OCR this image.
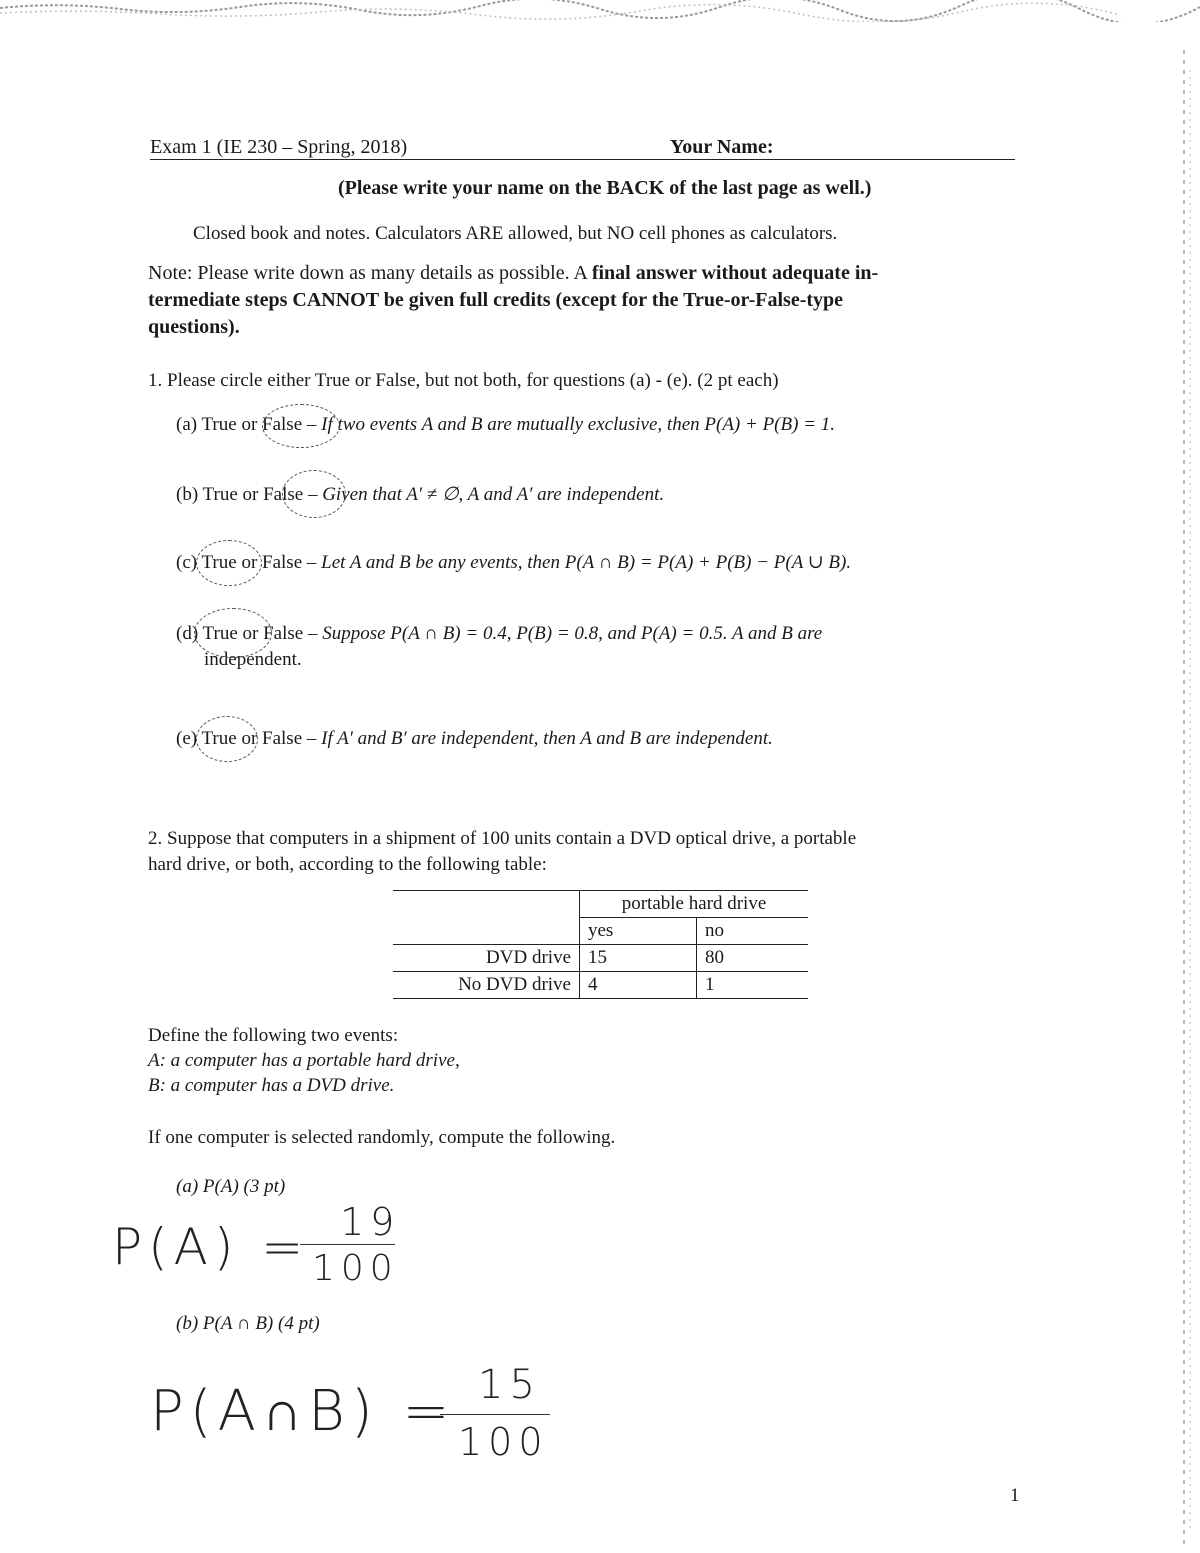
Exam 1 (IE 230 – Spring, 2018)	Your Name:
(Please write your name on the BACK of the last page as well.)
Closed book and notes. Calculators ARE allowed, but NO cell phones as calculators.
Note: Please write down as many details as possible. A final answer without adequate in-
termediate steps CANNOT be given full credits (except for the True-or-False-type
questions).
1. Please circle either True or False, but not both, for questions (a) - (e). (2 pt each)
(a) True or False – If two events A and B are mutually exclusive, then P(A) + P(B) = 1.
(b) True or False – Given that A′ ≠ ∅, A and A′ are independent.
(c) True or False – Let A and B be any events, then P(A ∩ B) = P(A) + P(B) − P(A ∪ B).
(d) True or False – Suppose P(A ∩ B) = 0.4, P(B) = 0.8, and P(A) = 0.5. A and B are
independent.
(e) True or False – If A′ and B′ are independent, then A and B are independent.
2. Suppose that computers in a shipment of 100 units contain a DVD optical drive, a portable
hard drive, or both, according to the following table:
	portable hard drive	
	yes	no
DVD drive	15	80
No DVD drive	4	1
Define the following two events:
A: a computer has a portable hard drive,
B: a computer has a DVD drive.
If one computer is selected randomly, compute the following.
(a) P(A) (3 pt)
P(A) = 19
100
(b) P(A ∩ B) (4 pt)
P(A∩B) = 15
100
1
